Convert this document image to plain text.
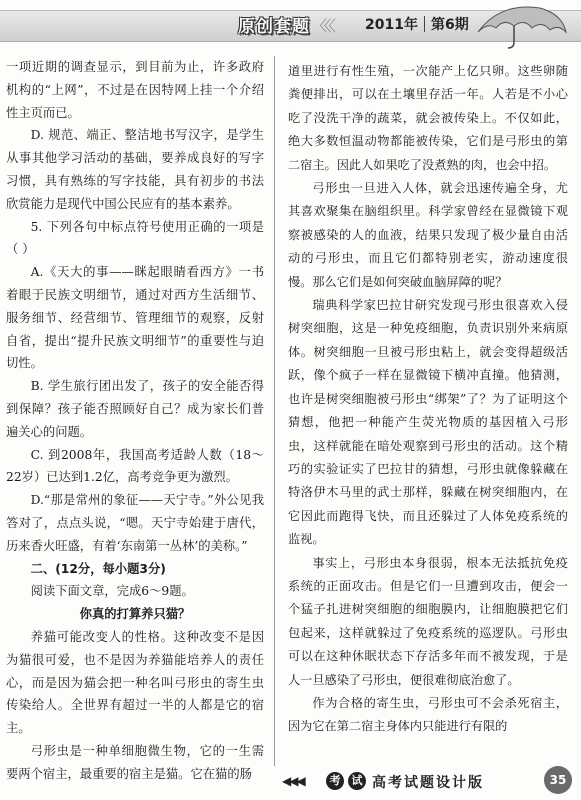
原创套题 〈〈〈 2011年 第6期

一项近期的调查显示，到目前为止，许多政府机构的“上网”，不过是在因特网上挂一个介绍性主页而已。

D. 规范、端正、整洁地书写汉字，是学生从事其他学习活动的基础，要养成良好的写字习惯，具有熟练的写字技能，具有初步的书法欣赏能力是现代中国公民应有的基本素养。

5. 下列各句中标点符号使用正确的一项是（ ）

A.《天大的事——眯起眼睛看西方》一书着眼于民族文明细节，通过对西方生活细节、服务细节、经营细节、管理细节的观察，反射自省，提出“提升民族文明细节”的重要性与迫切性。

B. 学生旅行团出发了，孩子的安全能否得到保障？孩子能否照顾好自己？成为家长们普遍关心的问题。

C. 到2008年，我国高考适龄人数（18～22岁）已达到1.2亿，高考竞争更为激烈。

D.“那是常州的象征——天宁寺。”外公见我答对了，点点头说，“嗯。天宁寺始建于唐代，历来香火旺盛，有着‘东南第一丛林’的美称。”

二、(12分，每小题3分)

阅读下面文章，完成6～9题。

你真的打算养只猫？

养猫可能改变人的性格。这种改变不是因为猫很可爱，也不是因为养猫能培养人的责任心，而是因为猫会把一种名叫弓形虫的寄生虫传染给人。全世界有超过一半的人都是它的宿主。

弓形虫是一种单细胞微生物，它的一生需要两个宿主，最重要的宿主是猫。它在猫的肠

道里进行有性生殖，一次能产上亿只卵。这些卵随粪便排出，可以在土壤里存活一年。人若是不小心吃了没洗干净的蔬菜，就会被传染上。不仅如此，绝大多数恒温动物都能被传染，它们是弓形虫的第二宿主。因此人如果吃了没煮熟的肉，也会中招。

弓形虫一旦进入人体，就会迅速传遍全身，尤其喜欢聚集在脑组织里。科学家曾经在显微镜下观察被感染的人的血液，结果只发现了极少量自由活动的弓形虫，而且它们都特别老实，游动速度很慢。那么它们是如何突破血脑屏障的呢？

瑞典科学家巴拉甘研究发现弓形虫很喜欢入侵树突细胞，这是一种免疫细胞，负责识别外来病原体。树突细胞一旦被弓形虫粘上，就会变得超级活跃，像个疯子一样在显微镜下横冲直撞。他猜测，也许是树突细胞被弓形虫“绑架”了？为了证明这个猜想，他把一种能产生荧光物质的基因植入弓形虫，这样就能在暗处观察到弓形虫的活动。这个精巧的实验证实了巴拉甘的猜想，弓形虫就像躲藏在特洛伊木马里的武士那样，躲藏在树突细胞内，在它因此而跑得飞快，而且还躲过了人体免疫系统的监视。

事实上，弓形虫本身很弱，根本无法抵抗免疫系统的正面攻击。但是它们一旦遭到攻击，便会一个猛子扎进树突细胞的细胞膜内，让细胞膜把它们包起来，这样就躲过了免疫系统的巡逻队。弓形虫可以在这种休眠状态下存活多年而不被发现，于是人一旦感染了弓形虫，便很难彻底治愈了。

作为合格的寄生虫，弓形虫可不会杀死宿主，因为它在第二宿主身体内只能进行有限的

◀◀◀	考	试 高考试题设计版	35
